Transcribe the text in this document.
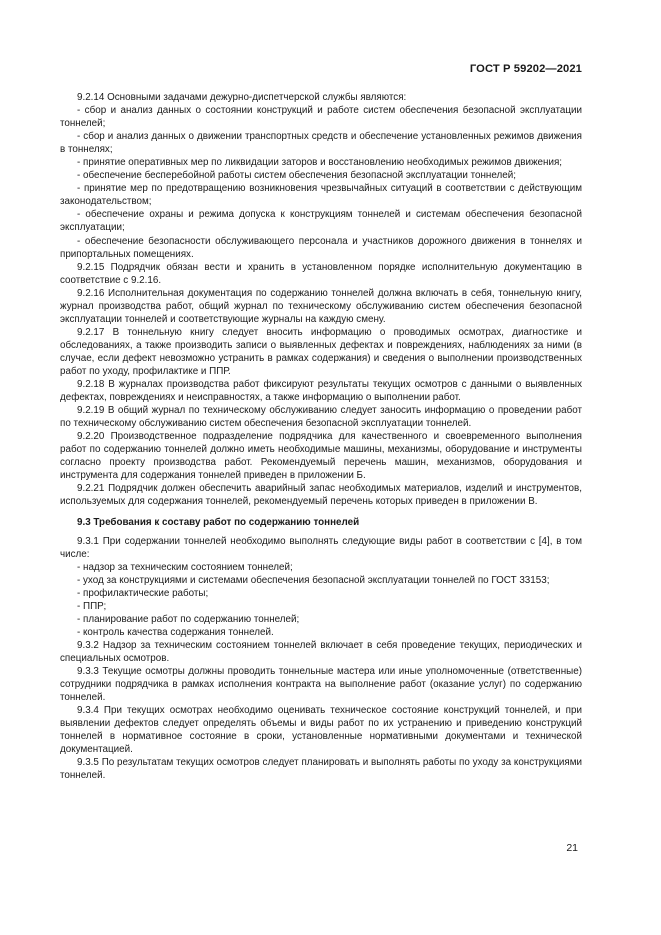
ГОСТ Р 59202—2021

9.2.14 Основными задачами дежурно-диспетчерской службы являются:

- сбор и анализ данных о состоянии конструкций и работе систем обеспечения безопасной эксплуатации тоннелей;

- сбор и анализ данных о движении транспортных средств и обеспечение установленных режимов движения в тоннелях;

- принятие оперативных мер по ликвидации заторов и восстановлению необходимых режимов движения;

- обеспечение бесперебойной работы систем обеспечения безопасной эксплуатации тоннелей;

- принятие мер по предотвращению возникновения чрезвычайных ситуаций в соответствии с действующим законодательством;

- обеспечение охраны и режима допуска к конструкциям тоннелей и системам обеспечения безопасной эксплуатации;

- обеспечение безопасности обслуживающего персонала и участников дорожного движения в тоннелях и припортальных помещениях.

9.2.15 Подрядчик обязан вести и хранить в установленном порядке исполнительную документацию в соответствие с 9.2.16.

9.2.16 Исполнительная документация по содержанию тоннелей должна включать в себя, тоннельную книгу, журнал производства работ, общий журнал по техническому обслуживанию систем обеспечения безопасной эксплуатации тоннелей и соответствующие журналы на каждую смену.

9.2.17 В тоннельную книгу следует вносить информацию о проводимых осмотрах, диагностике и обследованиях, а также производить записи о выявленных дефектах и повреждениях, наблюдениях за ними (в случае, если дефект невозможно устранить в рамках содержания) и сведения о выполнении производственных работ по уходу, профилактике и ППР.

9.2.18 В журналах производства работ фиксируют результаты текущих осмотров с данными о выявленных дефектах, повреждениях и неисправностях, а также информацию о выполнении работ.

9.2.19 В общий журнал по техническому обслуживанию следует заносить информацию о проведении работ по техническому обслуживанию систем обеспечения безопасной эксплуатации тоннелей.

9.2.20 Производственное подразделение подрядчика для качественного и своевременного выполнения работ по содержанию тоннелей должно иметь необходимые машины, механизмы, оборудование и инструменты согласно проекту производства работ. Рекомендуемый перечень машин, механизмов, оборудования и инструмента для содержания тоннелей приведен в приложении Б.

9.2.21 Подрядчик должен обеспечить аварийный запас необходимых материалов, изделий и инструментов, используемых для содержания тоннелей, рекомендуемый перечень которых приведен в приложении В.

9.3 Требования к составу работ по содержанию тоннелей

9.3.1 При содержании тоннелей необходимо выполнять следующие виды работ в соответствии с [4], в том числе:

- надзор за техническим состоянием тоннелей;

- уход за конструкциями и системами обеспечения безопасной эксплуатации тоннелей по ГОСТ 33153;

- профилактические работы;

- ППР;

- планирование работ по содержанию тоннелей;

- контроль качества содержания тоннелей.

9.3.2 Надзор за техническим состоянием тоннелей включает в себя проведение текущих, периодических и специальных осмотров.

9.3.3 Текущие осмотры должны проводить тоннельные мастера или иные уполномоченные (ответственные) сотрудники подрядчика в рамках исполнения контракта на выполнение работ (оказание услуг) по содержанию тоннелей.

9.3.4 При текущих осмотрах необходимо оценивать техническое состояние конструкций тоннелей, и при выявлении дефектов следует определять объемы и виды работ по их устранению и приведению конструкций тоннелей в нормативное состояние в сроки, установленные нормативными документами и технической документацией.

9.3.5 По результатам текущих осмотров следует планировать и выполнять работы по уходу за конструкциями тоннелей.

21
